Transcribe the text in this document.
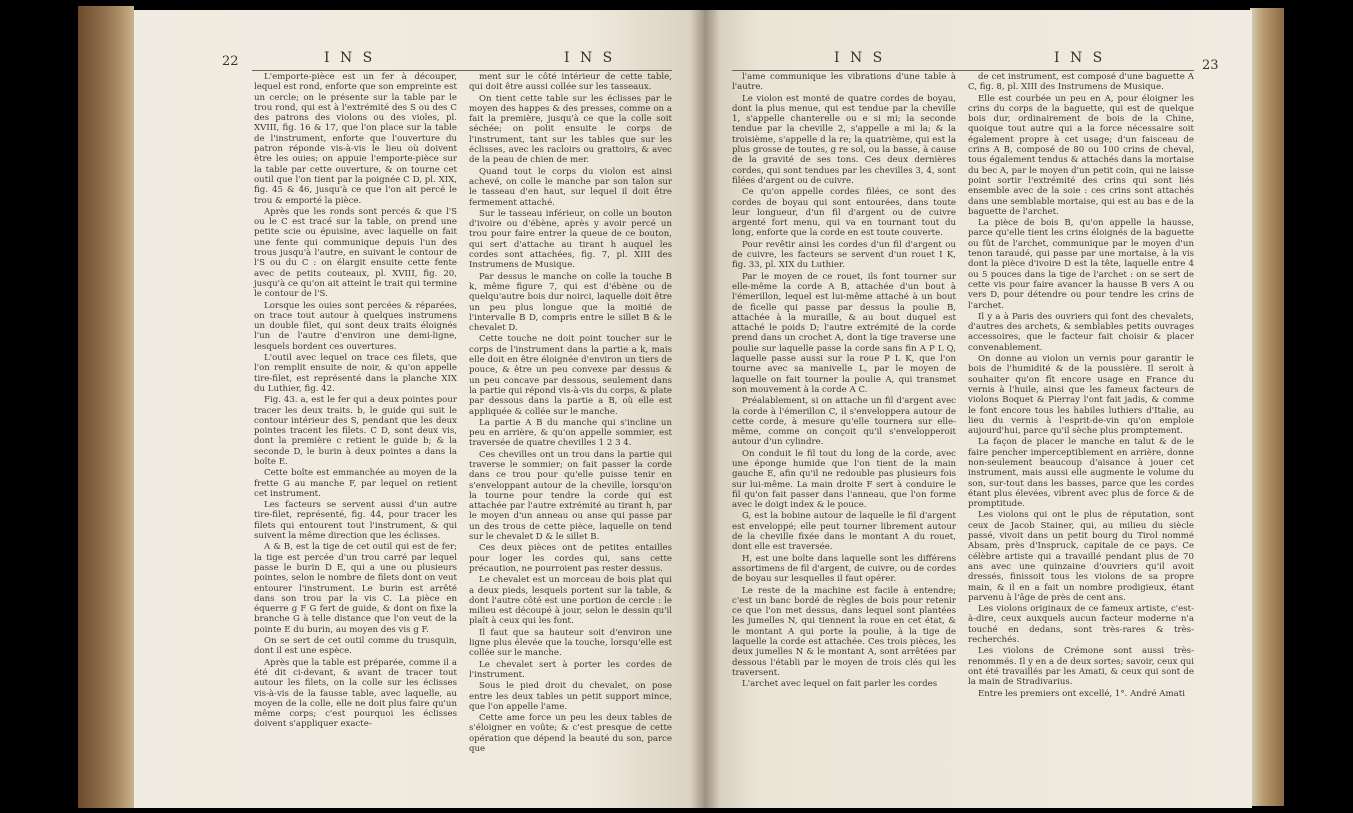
22	I N S	I N S

L'emporte-pièce est un fer à découper, lequel est rond, enforte que son empreinte est un cercle; on le présente sur la table par le trou rond, qui est à l'extrémité des S ou des C des patrons des violons ou des violes, pl. XVIII, fig. 16 & 17, que l'on place sur la table de l'instrument, enforte que l'ouverture du patron réponde vis-à-vis le lieu où doivent être les ouies; on appuie l'emporte-pièce sur la table par cette ouverture, & on tourne cet outil que l'on tient par la poignée C D, pl. XIX, fig. 45 & 46, jusqu'à ce que l'on ait percé le trou & emporté la pièce.

Après que les ronds sont percés & que l'S ou le C est tracé sur la table, on prend une petite scie ou épuisine, avec laquelle on fait une fente qui communique depuis l'un des trous jusqu'à l'autre, en suivant le contour de l'S ou du C : on élargit ensuite cette fente avec de petits couteaux, pl. XVIII, fig. 20, jusqu'à ce qu'on ait atteint le trait qui termine le contour de l'S.

Lorsque les ouies sont percées & réparées, on trace tout autour à quelques instrumens un double filet, qui sont deux traits éloignés l'un de l'autre d'environ une demi-ligne, lesquels bordent ces ouvertures.

L'outil avec lequel on trace ces filets, que l'on remplit ensuite de noir, & qu'on appelle tire-filet, est représenté dans la planche XIX du Luthier, fig. 42.

Fig. 43. a, est le fer qui a deux pointes pour tracer les deux traits. b, le guide qui suit le contour intérieur des S, pendant que les deux pointes tracent les filets. C D, sont deux vis, dont la première c retient le guide b; & la seconde D, le burin à deux pointes a dans la boîte E.

Cette boîte est emmanchée au moyen de la frette G au manche F, par lequel on retient cet instrument.

Les facteurs se servent aussi d'un autre tire-filet, représenté, fig. 44, pour tracer les filets qui entourent tout l'instrument, & qui suivent la même direction que les éclisses.

A & B, est la tige de cet outil qui est de fer; la tige est percée d'un trou carré par lequel passe le burin D E, qui a une ou plusieurs pointes, selon le nombre de filets dont on veut entourer l'instrument. Le burin est arrêté dans son trou par la vis C. La pièce en équerre g F G fert de guide, & dont on fixe la branche G à telle distance que l'on veut de la pointe E du burin, au moyen des vis g F.

On se sert de cet outil comme du trusquin, dont il est une espèce.

Après que la table est préparée, comme il a été dit ci-devant, & avant de tracer tout autour les filets, on la colle sur les éclisses vis-à-vis de la fausse table, avec laquelle, au moyen de la colle, elle ne doit plus faire qu'un même corps; c'est pourquoi les éclisses doivent s'appliquer exacte-

ment sur le côté intérieur de cette table, qui doit être aussi collée sur les tasseaux.

On tient cette table sur les éclisses par le moyen des happes & des presses, comme on a fait la première, jusqu'à ce que la colle soit séchée; on polit ensuite le corps de l'instrument, tant sur les tables que sur les éclisses, avec les racloirs ou grattoirs, & avec de la peau de chien de mer.

Quand tout le corps du violon est ainsi achevé, on colle le manche par son talon sur le tasseau d'en haut, sur lequel il doit être fermement attaché.

Sur le tasseau inférieur, on colle un bouton d'ivoire ou d'ébène, après y avoir percé un trou pour faire entrer la queue de ce bouton, qui sert d'attache au tirant h auquel les cordes sont attachées, fig. 7, pl. XIII des Instrumens de Musique.

Par dessus le manche on colle la touche B k, même figure 7, qui est d'ébène ou de quelqu'autre bois dur noirci, laquelle doit être un peu plus longue que la moitié de l'intervalle B D, compris entre le sillet B & le chevalet D.

Cette touche ne doit point toucher sur le corps de l'instrument dans la partie a k, mais elle doit en être éloignée d'environ un tiers de pouce, & être un peu convexe par dessus & un peu concave par dessous, seulement dans la partie qui répond vis-à-vis du corps, & plate par dessous dans la partie a B, où elle est appliquée & collée sur le manche.

La partie A B du manche qui s'incline un peu en arrière, & qu'on appelle sommier, est traversée de quatre chevilles 1 2 3 4.

Ces chevilles ont un trou dans la partie qui traverse le sommier; on fait passer la corde dans ce trou pour qu'elle puisse tenir en s'enveloppant autour de la cheville, lorsqu'on la tourne pour tendre la corde qui est attachée par l'autre extrémité au tirant h, par le moyen d'un anneau ou anse qui passe par un des trous de cette pièce, laquelle on tend sur le chevalet D & le sillet B.

Ces deux pièces ont de petites entailles pour loger les cordes qui, sans cette précaution, ne pourroient pas rester dessus.

Le chevalet est un morceau de bois plat qui a deux pieds, lesquels portent sur la table, & dont l'autre côté est une portion de cercle : le milieu est découpé à jour, selon le dessin qu'il plaît à ceux qui les font.

Il faut que sa hauteur soit d'environ une ligne plus élevée que la touche, lorsqu'elle est collée sur le manche.

Le chevalet sert à porter les cordes de l'instrument.

Sous le pied droit du chevalet, on pose entre les deux tables un petit support mince, que l'on appelle l'ame.

Cette ame force un peu les deux tables de s'éloigner en voûte; & c'est presque de cette opération que dépend la beauté du son, parce que

I N S	I N S	23

l'ame communique les vibrations d'une table à l'autre.

Le violon est monté de quatre cordes de boyau, dont la plus menue, qui est tendue par la cheville 1, s'appelle chanterelle ou e si mi; la seconde tendue par la cheville 2, s'appelle a mi la; & la troisième, s'appelle d la re; la quatrième, qui est la plus grosse de toutes, g re sol, ou la basse, à cause de la gravité de ses tons. Ces deux dernières cordes, qui sont tendues par les chevilles 3, 4, sont filées d'argent ou de cuivre.

Ce qu'on appelle cordes filées, ce sont des cordes de boyau qui sont entourées, dans toute leur longueur, d'un fil d'argent ou de cuivre argenté fort menu, qui va en tournant tout du long, enforte que la corde en est toute couverte.

Pour revêtir ainsi les cordes d'un fil d'argent ou de cuivre, les facteurs se servent d'un rouet I K, fig. 33, pl. XIX du Luthier.

Par le moyen de ce rouet, ils font tourner sur elle-même la corde A B, attachée d'un bout à l'émerillon, lequel est lui-même attaché à un bout de ficelle qui passe par dessus la poulie B, attachée à la muraille, & au bout duquel est attaché le poids D; l'autre extrémité de la corde prend dans un crochet A, dont la tige traverse une poulie sur laquelle passe la corde sans fin A P L Q, laquelle passe aussi sur la roue P L K, que l'on tourne avec sa manivelle L, par le moyen de laquelle on fait tourner la poulie A, qui transmet son mouvement à la corde A C.

Préalablement, si on attache un fil d'argent avec la corde à l'émerillon C, il s'enveloppera autour de cette corde, à mesure qu'elle tournera sur elle-même, comme on conçoit qu'il s'envelopperoit autour d'un cylindre.

On conduit le fil tout du long de la corde, avec une éponge humide que l'on tient de la main gauche E, afin qu'il ne redouble pas plusieurs fois sur lui-même. La main droite F sert à conduire le fil qu'on fait passer dans l'anneau, que l'on forme avec le doigt index & le pouce.

G, est la bobine autour de laquelle le fil d'argent est enveloppé; elle peut tourner librement autour de la cheville fixée dans le montant A du rouet, dont elle est traversée.

H, est une boîte dans laquelle sont les différens assortimens de fil d'argent, de cuivre, ou de cordes de boyau sur lesquelles il faut opérer.

Le reste de la machine est facile à entendre; c'est un banc bordé de règles de bois pour retenir ce que l'on met dessus, dans lequel sont plantées les jumelles N, qui tiennent la roue en cet état, & le montant A qui porte la poulie, à la tige de laquelle la corde est attachée. Ces trois pièces, les deux jumelles N & le montant A, sont arrêtées par dessous l'établi par le moyen de trois clés qui les traversent.

L'archet avec lequel on fait parler les cordes

de cet instrument, est composé d'une baguette A C, fig. 8, pl. XIII des Instrumens de Musique.

Elle est courbée un peu en A, pour éloigner les crins du corps de la baguette, qui est de quelque bois dur, ordinairement de bois de la Chine, quoique tout autre qui a la force nécessaire soit également propre à cet usage; d'un faisceau de crins A B, composé de 80 ou 100 crins de cheval, tous également tendus & attachés dans la mortaise du bec A, par le moyen d'un petit coin, qui ne laisse point sortir l'extrémité des crins qui sont liés ensemble avec de la soie : ces crins sont attachés dans une semblable mortaise, qui est au bas e de la baguette de l'archet.

La pièce de bois B, qu'on appelle la hausse, parce qu'elle tient les crins éloignés de la baguette ou fût de l'archet, communique par le moyen d'un tenon taraudé, qui passe par une mortaise, à la vis dont la pièce d'ivoire D est la tête, laquelle entre 4 ou 5 pouces dans la tige de l'archet : on se sert de cette vis pour faire avancer la hausse B vers A ou vers D, pour détendre ou pour tendre les crins de l'archet.

Il y a à Paris des ouvriers qui font des chevalets, d'autres des archets, & semblables petits ouvrages accessoires, que le facteur fait choisir & placer convenablement.

On donne au violon un vernis pour garantir le bois de l'humidité & de la poussière. Il seroit à souhaiter qu'on fît encore usage en France du vernis à l'huile, ainsi que les fameux facteurs de violons Boquet & Pierray l'ont fait jadis, & comme le font encore tous les habiles luthiers d'Italie, au lieu du vernis à l'esprit-de-vin qu'on emploie aujourd'hui, parce qu'il sèche plus promptement.

La façon de placer le manche en talut & de le faire pencher imperceptiblement en arrière, donne non-seulement beaucoup d'aisance à jouer cet instrument, mais aussi elle augmente le volume du son, sur-tout dans les basses, parce que les cordes étant plus élevées, vibrent avec plus de force & de promptitude.

Les violons qui ont le plus de réputation, sont ceux de Jacob Stainer, qui, au milieu du siècle passé, vivoit dans un petit bourg du Tirol nommé Absam, près d'Inspruck, capitale de ce pays. Ce célèbre artiste qui a travaillé pendant plus de 70 ans avec une quinzaine d'ouvriers qu'il avoit dressés, finissoit tous les violons de sa propre main, & il en a fait un nombre prodigieux, étant parvenu à l'âge de près de cent ans.

Les violons originaux de ce fameux artiste, c'est-à-dire, ceux auxquels aucun facteur moderne n'a touché en dedans, sont très-rares & très-recherchés.

Les violons de Crémone sont aussi très-renommés. Il y en a de deux sortes; savoir, ceux qui ont été travaillés par les Amati, & ceux qui sont de la main de Stradivarius.

Entre les premiers ont excellé, 1°. André Amati
